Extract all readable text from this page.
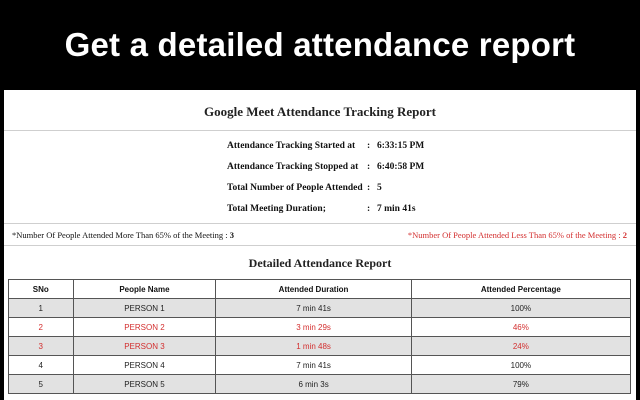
Get a detailed attendance report
Google Meet Attendance Tracking Report
Attendance Tracking Started at : 6:33:15 PM
Attendance Tracking Stopped at : 6:40:58 PM
Total Number of People Attended : 5
Total Meeting Duration;	: 7 min 41s
*Number Of People Attended More Than 65% of the Meeting : 3	*Number Of People Attended Less Than 65% of the Meeting : 2
Detailed Attendance Report
SNo	People Name	Attended Duration	Attended Percentage
1	PERSON 1	7 min 41s	100%
2	PERSON 2	3 min 29s	46%
3	PERSON 3	1 min 48s	24%
4	PERSON 4	7 min 41s	100%
5	PERSON 5	6 min 3s	79%
